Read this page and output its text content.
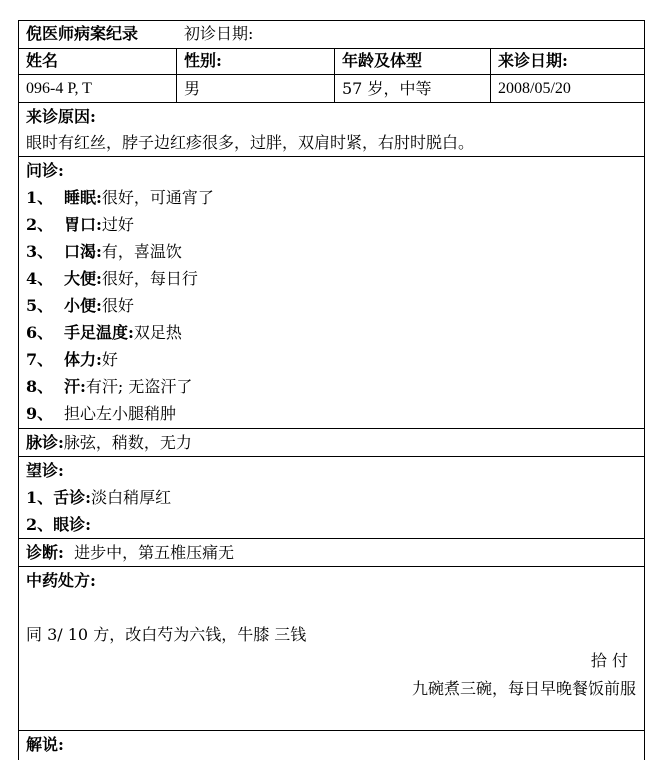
倪医师病案纪录	初诊日期:
姓名	性别:	年龄及体型	来诊日期:
096-4 P, T	男	57 岁，中等	2008/05/20
来诊原因:
眼时有红丝，脖子边红疹很多，过胖，双肩时紧，右肘时脱白。
问诊:
1、 睡眠:很好，可通宵了
2、 胃口:过好
3、 口渴:有，喜温饮
4、 大便:很好，每日行
5、 小便:很好
6、 手足温度:双足热
7、 体力:好
8、 汗:有汗; 无盗汗了
9、 担心左小腿稍肿
脉诊:脉弦，稍数，无力
望诊:
1、舌诊:淡白稍厚红
2、眼诊:
诊断: 进步中，第五椎压痛无
中药处方:
同 3/ 10 方，改白芍为六钱，牛膝 三钱
拾 付
九碗煮三碗，每日早晚餐饭前服
解说:
